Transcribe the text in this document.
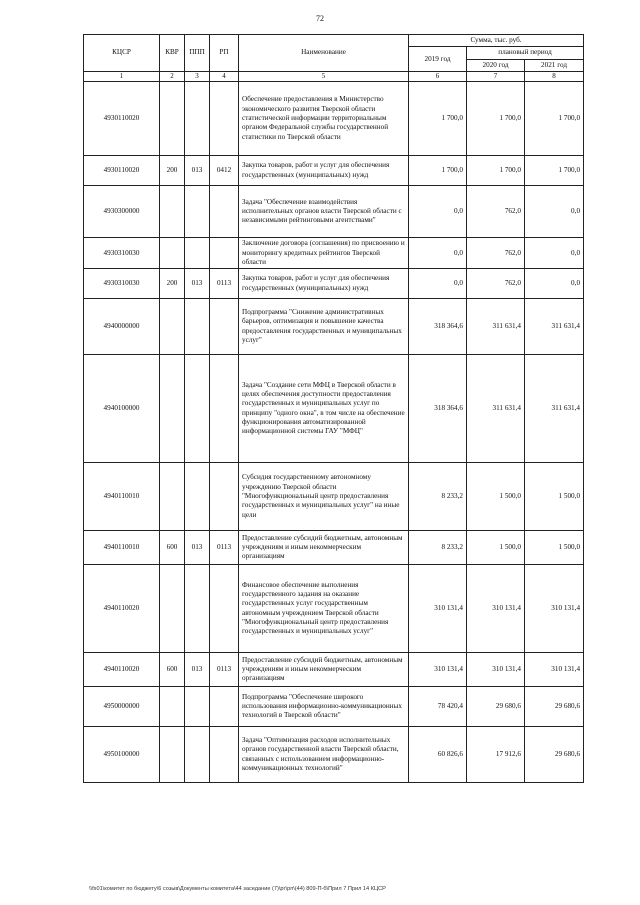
72
КЦСР	КВР	ППП	РП	Наименование	Сумма, тыс. руб.		
					2019 год	плановый период	
						2020 год	2021 год
1	2	3	4	5	6	7	8
4930110020				Обеспечение предоставления в Министерство экономического развития Тверской области статистической информации территориальным органом Федеральной службы государственной статистики по Тверской области	1 700,0	1 700,0	1 700,0
4930110020	200	013	0412	Закупка товаров, работ и услуг для обеспечения государственных (муниципальных) нужд	1 700,0	1 700,0	1 700,0
4930300000				Задача "Обеспечение взаимодействия исполнительных органов власти Тверской области с независимыми рейтинговыми агентствами"	0,0	762,0	0,0
4930310030				Заключение договора (соглашения) по присвоению и мониторингу кредитных рейтингов Тверской области	0,0	762,0	0,0
4930310030	200	013	0113	Закупка товаров, работ и услуг для обеспечения государственных (муниципальных) нужд	0,0	762,0	0,0
4940000000				Подпрограмма "Снижение административных барьеров, оптимизация и повышение качества предоставления государственных и муниципальных услуг"	318 364,6	311 631,4	311 631,4
4940100000				Задача "Создание сети МФЦ в Тверской области в целях обеспечения доступности предоставления государственных и муниципальных услуг по принципу "одного окна", в том числе на обеспечение функционирования автоматизированной информационной системы ГАУ "МФЦ"	318 364,6	311 631,4	311 631,4
4940110010				Субсидия государственному автономному учреждению Тверской области "Многофункциональный центр предоставления государственных и муниципальных услуг" на иные цели	8 233,2	1 500,0	1 500,0
4940110010	600	013	0113	Предоставление субсидий бюджетным, автономным учреждениям и иным некоммерческим организациям	8 233,2	1 500,0	1 500,0
4940110020				Финансовое обеспечение выполнения государственного задания на оказание государственных услуг государственным автономным учреждением Тверской области "Многофункциональный центр предоставления государственных и муниципальных услуг"	310 131,4	310 131,4	310 131,4
4940110020	600	013	0113	Предоставление субсидий бюджетным, автономным учреждениям и иным некоммерческим организациям	310 131,4	310 131,4	310 131,4
4950000000				Подпрограмма "Обеспечение широкого использования информационно-коммуникационных технологий в Тверской области"	78 420,4	29 680,6	29 680,6
4950100000				Задача "Оптимизация расходов исполнительных органов государственной власти Тверской области, связанных с использованием информационно-коммуникационных технологий"	60 826,6	17 912,6	29 680,6
\\fs01\комитет по бюджету\6 созыв\Документы комитета\44 заседание (7)\рг\рп\(44) 809-П-б\Прил 7 Прил 14 КЦСР
